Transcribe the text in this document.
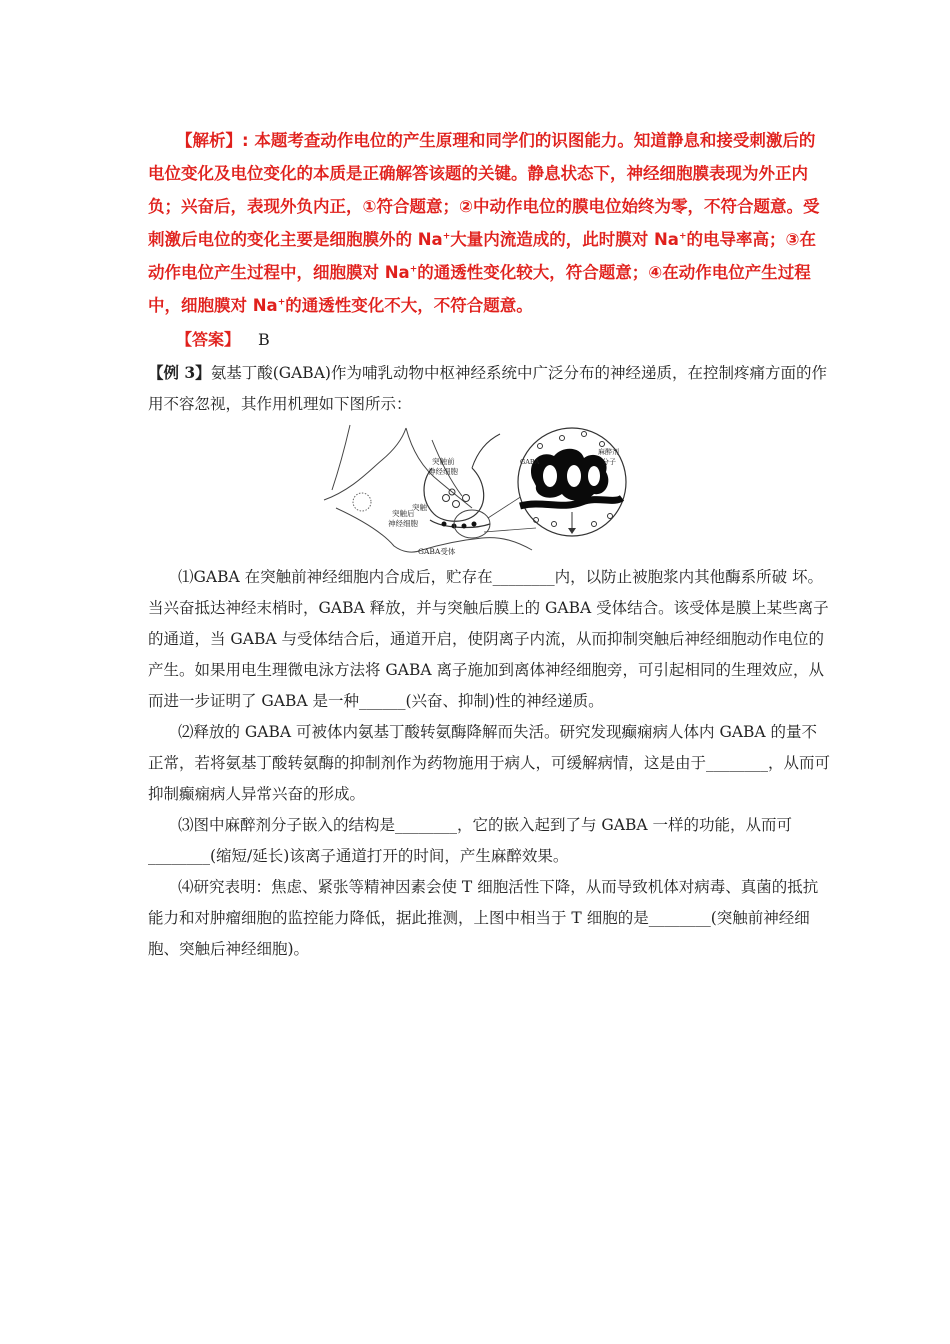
【解析】: 本题考查动作电位的产生原理和同学们的识图能力。知道静息和接受刺激后的电位变化及电位变化的本质是正确解答该题的关键。静息状态下，神经细胞膜表现为外正内负；兴奋后，表现外负内正，①符合题意；②中动作电位的膜电位始终为零，不符合题意。受刺激后电位的变化主要是细胞膜外的 Na+大量内流造成的，此时膜对 Na+的电导率高；③在动作电位产生过程中，细胞膜对 Na+的通透性变化较大，符合题意；④在动作电位产生过程中，细胞膜对 Na+的通透性变化不大，不符合题意。

【答案】 B

【例 3】氨基丁酸(GABA)作为哺乳动物中枢神经系统中广泛分布的神经递质，在控制疼痛方面的作用不容忽视，其作用机理如下图所示：

突触前
神经细胞
突触后
神经细胞
突触
GABA受体
GABA
麻醉剂
分子

⑴GABA 在突触前神经细胞内合成后，贮存在________内，以防止被胞浆内其他酶系所破 坏。当兴奋抵达神经末梢时，GABA 释放，并与突触后膜上的 GABA 受体结合。该受体是膜上某些离子的通道，当 GABA 与受体结合后，通道开启，使阴离子内流，从而抑制突触后神经细胞动作电位的产生。如果用电生理微电泳方法将 GABA 离子施加到离体神经细胞旁，可引起相同的生理效应，从而进一步证明了 GABA 是一种______(兴奋、抑制)性的神经递质。

⑵释放的 GABA 可被体内氨基丁酸转氨酶降解而失活。研究发现癫痫病人体内 GABA 的量不正常，若将氨基丁酸转氨酶的抑制剂作为药物施用于病人，可缓解病情，这是由于________，从而可抑制癫痫病人异常兴奋的形成。

⑶图中麻醉剂分子嵌入的结构是________，它的嵌入起到了与 GABA 一样的功能，从而可________(缩短/延长)该离子通道打开的时间，产生麻醉效果。

⑷研究表明：焦虑、紧张等精神因素会使 T 细胞活性下降，从而导致机体对病毒、真菌的抵抗能力和对肿瘤细胞的监控能力降低，据此推测，上图中相当于 T 细胞的是________(突触前神经细胞、突触后神经细胞)。
